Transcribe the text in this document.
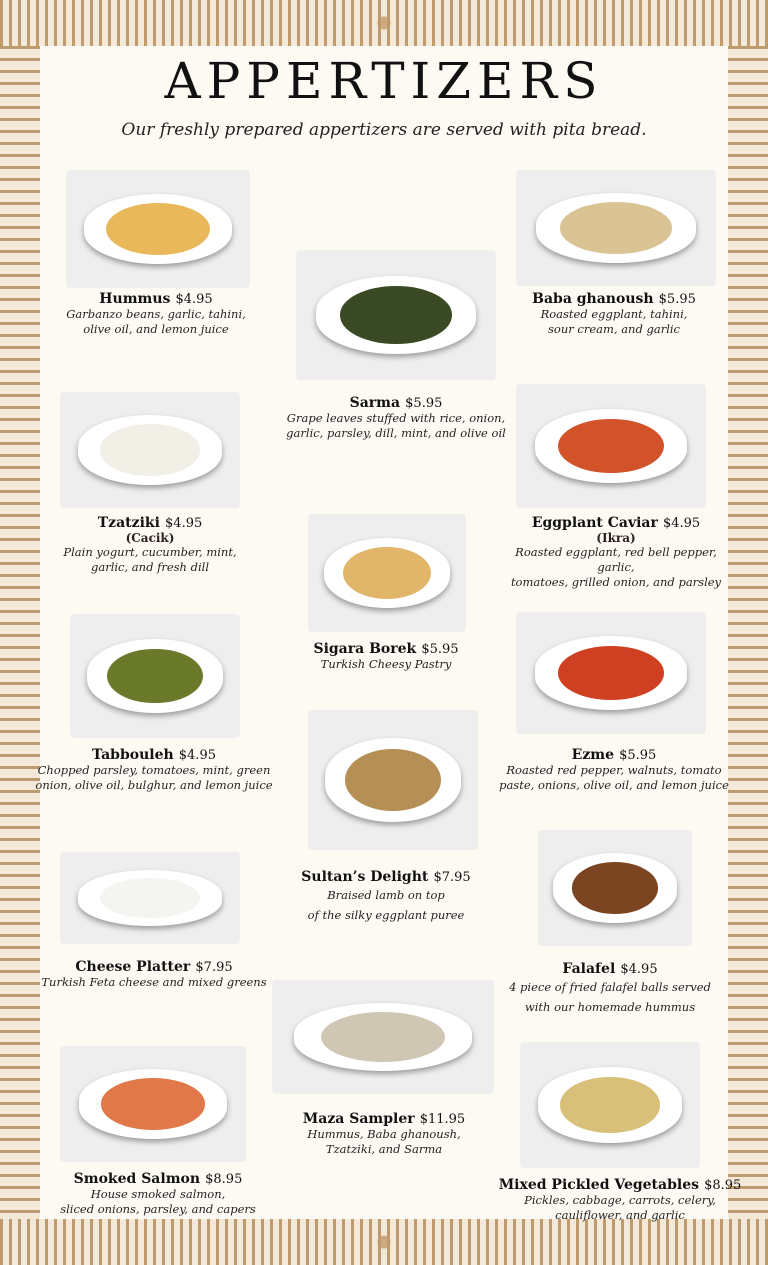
APPERTIZERS
Our freshly prepared appertizers are served with pita bread.
Hummus $4.95
Garbanzo beans, garlic, tahini,
olive oil, and lemon juice
Sarma $5.95
Grape leaves stuffed with rice, onion,
garlic, parsley, dill, mint, and olive oil
Baba ghanoush $5.95
Roasted eggplant, tahini,
sour cream, and garlic
Tzatziki $4.95
(Cacik)
Plain yogurt, cucumber, mint,
garlic, and fresh dill
Eggplant Caviar $4.95
(Ikra)
Roasted eggplant, red bell pepper, garlic,
tomatoes, grilled onion, and parsley
Sigara Borek $5.95
Turkish Cheesy Pastry
Tabbouleh $4.95
Chopped parsley, tomatoes, mint, green
onion, olive oil, bulghur, and lemon juice
Ezme $5.95
Roasted red pepper, walnuts, tomato
paste, onions, olive oil, and lemon juice
Sultan’s Delight $7.95
Braised lamb on top
of the silky eggplant puree
Cheese Platter $7.95
Turkish Feta cheese and mixed greens
Falafel $4.95
4 piece of fried falafel balls served
with our homemade hummus
Maza Sampler $11.95
Hummus, Baba ghanoush,
Tzatziki, and Sarma
Smoked Salmon $8.95
House smoked salmon,
sliced onions, parsley, and capers
Mixed Pickled Vegetables $8.95
Pickles, cabbage, carrots, celery,
cauliflower, and garlic
